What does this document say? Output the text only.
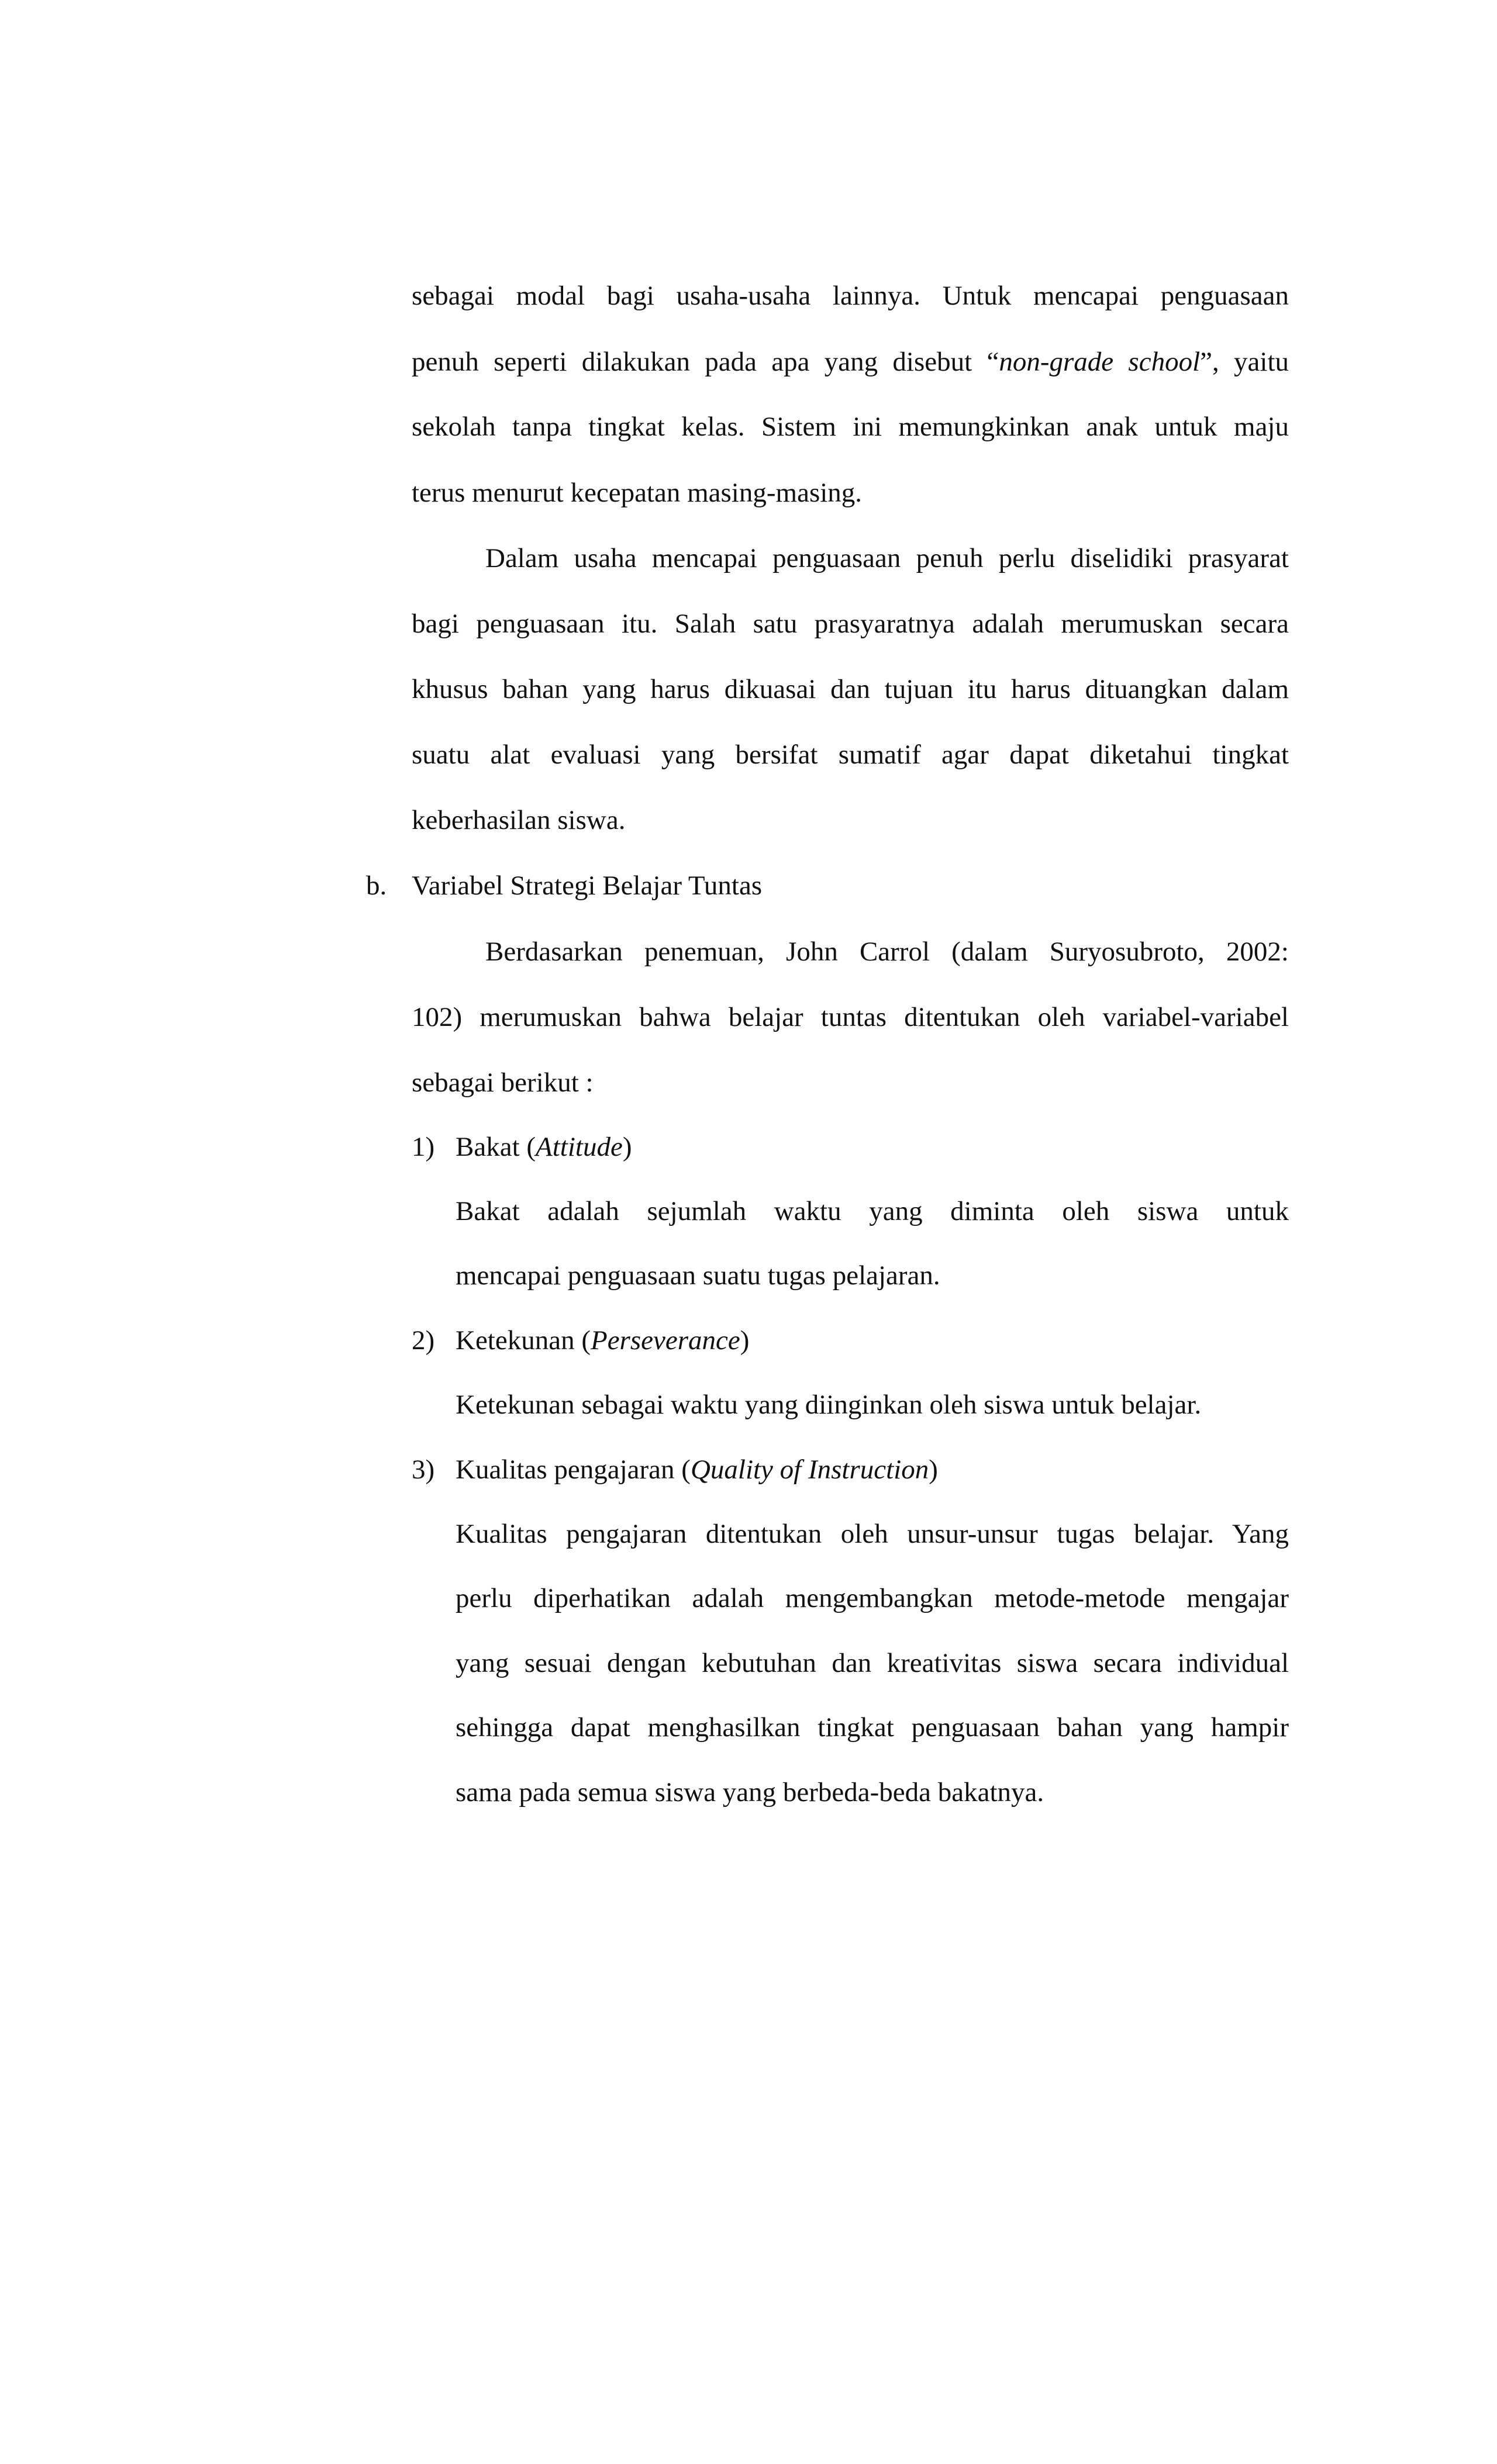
sebagai modal bagi usaha-usaha lainnya. Untuk mencapai penguasaan
penuh seperti dilakukan pada apa yang disebut “non-grade school”, yaitu
sekolah tanpa tingkat kelas. Sistem ini memungkinkan anak untuk maju
terus menurut kecepatan masing-masing.
Dalam usaha mencapai penguasaan penuh perlu diselidiki prasyarat
bagi penguasaan itu. Salah satu prasyaratnya adalah merumuskan secara
khusus bahan yang harus dikuasai dan tujuan itu harus dituangkan dalam
suatu alat evaluasi yang bersifat sumatif agar dapat diketahui tingkat
keberhasilan siswa.
b. Variabel Strategi Belajar Tuntas
Berdasarkan penemuan, John Carrol (dalam Suryosubroto, 2002:
102) merumuskan bahwa belajar tuntas ditentukan oleh variabel-variabel
sebagai berikut :
1) Bakat (Attitude)
Bakat adalah sejumlah waktu yang diminta oleh siswa untuk
mencapai penguasaan suatu tugas pelajaran.
2) Ketekunan (Perseverance)
Ketekunan sebagai waktu yang diinginkan oleh siswa untuk belajar.
3) Kualitas pengajaran (Quality of Instruction)
Kualitas pengajaran ditentukan oleh unsur-unsur tugas belajar. Yang
perlu diperhatikan adalah mengembangkan metode-metode mengajar
yang sesuai dengan kebutuhan dan kreativitas siswa secara individual
sehingga dapat menghasilkan tingkat penguasaan bahan yang hampir
sama pada semua siswa yang berbeda-beda bakatnya.
